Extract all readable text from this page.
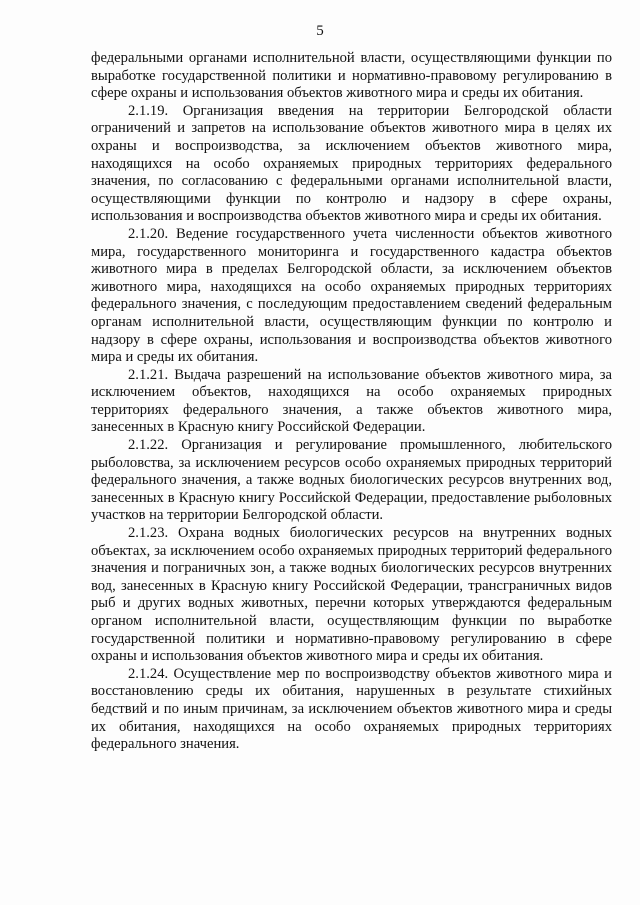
5

федеральными органами исполнительной власти, осуществляющими функции по выработке государственной политики и нормативно-правовому регулированию в сфере охраны и использования объектов животного мира и среды их обитания.

2.1.19. Организация введения на территории Белгородской области ограничений и запретов на использование объектов животного мира в целях их охраны и воспроизводства, за исключением объектов животного мира, находящихся на особо охраняемых природных территориях федерального значения, по согласованию с федеральными органами исполнительной власти, осуществляющими функции по контролю и надзору в сфере охраны, использования и воспроизводства объектов животного мира и среды их обитания.

2.1.20. Ведение государственного учета численности объектов животного мира, государственного мониторинга и государственного кадастра объектов животного мира в пределах Белгородской области, за исключением объектов животного мира, находящихся на особо охраняемых природных территориях федерального значения, с последующим предоставлением сведений федеральным органам исполнительной власти, осуществляющим функции по контролю и надзору в сфере охраны, использования и воспроизводства объектов животного мира и среды их обитания.

2.1.21. Выдача разрешений на использование объектов животного мира, за исключением объектов, находящихся на особо охраняемых природных территориях федерального значения, а также объектов животного мира, занесенных в Красную книгу Российской Федерации.

2.1.22. Организация и регулирование промышленного, любительского рыболовства, за исключением ресурсов особо охраняемых природных территорий федерального значения, а также водных биологических ресурсов внутренних вод, занесенных в Красную книгу Российской Федерации, предоставление рыболовных участков на территории Белгородской области.

2.1.23. Охрана водных биологических ресурсов на внутренних водных объектах, за исключением особо охраняемых природных территорий федерального значения и пограничных зон, а также водных биологических ресурсов внутренних вод, занесенных в Красную книгу Российской Федерации, трансграничных видов рыб и других водных животных, перечни которых утверждаются федеральным органом исполнительной власти, осуществляющим функции по выработке государственной политики и нормативно-правовому регулированию в сфере охраны и использования объектов животного мира и среды их обитания.

2.1.24. Осуществление мер по воспроизводству объектов животного мира и восстановлению среды их обитания, нарушенных в результате стихийных бедствий и по иным причинам, за исключением объектов животного мира и среды их обитания, находящихся на особо охраняемых природных территориях федерального значения.
